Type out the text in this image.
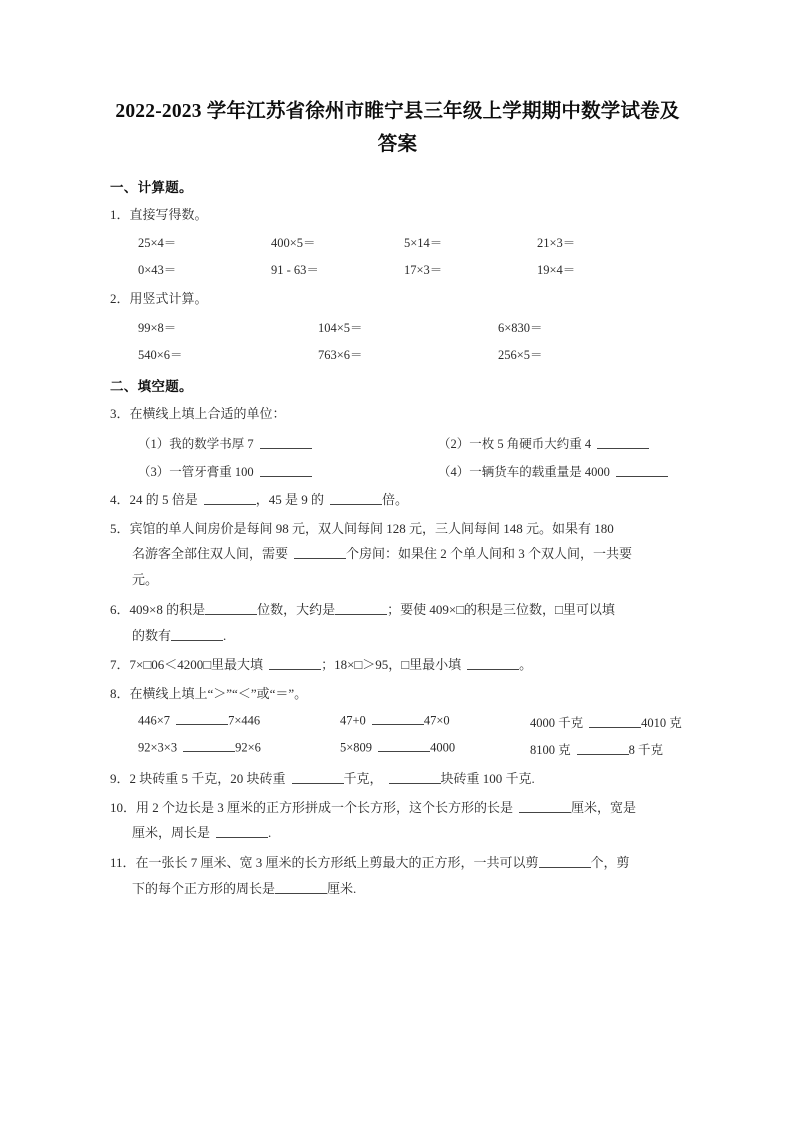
2022-2023 学年江苏省徐州市睢宁县三年级上学期期中数学试卷及答案
一、计算题。
1．直接写得数。
25×4＝	400×5＝	5×14＝	21×3＝
0×43＝	91 - 63＝	17×3＝	19×4＝
2．用竖式计算。
99×8＝	104×5＝	6×830＝
540×6＝	763×6＝	256×5＝
二、填空题。
3．在横线上填上合适的单位：
（1）我的数学书厚 7	（2）一枚 5 角硬币大约重 4
（3）一管牙膏重 100	（4）一辆货车的载重量是 4000
4．24 的 5 倍是	，45 是 9 的	倍。
5．宾馆的单人间房价是每间 98 元，双人间每间 128 元，三人间每间 148 元。如果有 180
名游客全部住双人间，需要	个房间：如果住 2 个单人间和 3 个双人间，一共要
元。
6．409×8 的积是	位数，大约是	；要使 409×□的积是三位数，□里可以填
的数有	.
7．7×□06＜4200□里最大填	；18×□＞95，□里最小填	。
8．在横线上填上“＞”“＜”或“＝”。
446×7	7×446	47+0	47×0	4000 千克	4010 克
92×3×3	92×6	5×809	4000	8100 克	8 千克
9．2 块砖重 5 千克，20 块砖重	千克，	块砖重 100 千克.
10．用 2 个边长是 3 厘米的正方形拼成一个长方形，这个长方形的长是	厘米，宽是
厘米，周长是	.
11．在一张长 7 厘米、宽 3 厘米的长方形纸上剪最大的正方形，一共可以剪	个，剪
下的每个正方形的周长是	厘米.
